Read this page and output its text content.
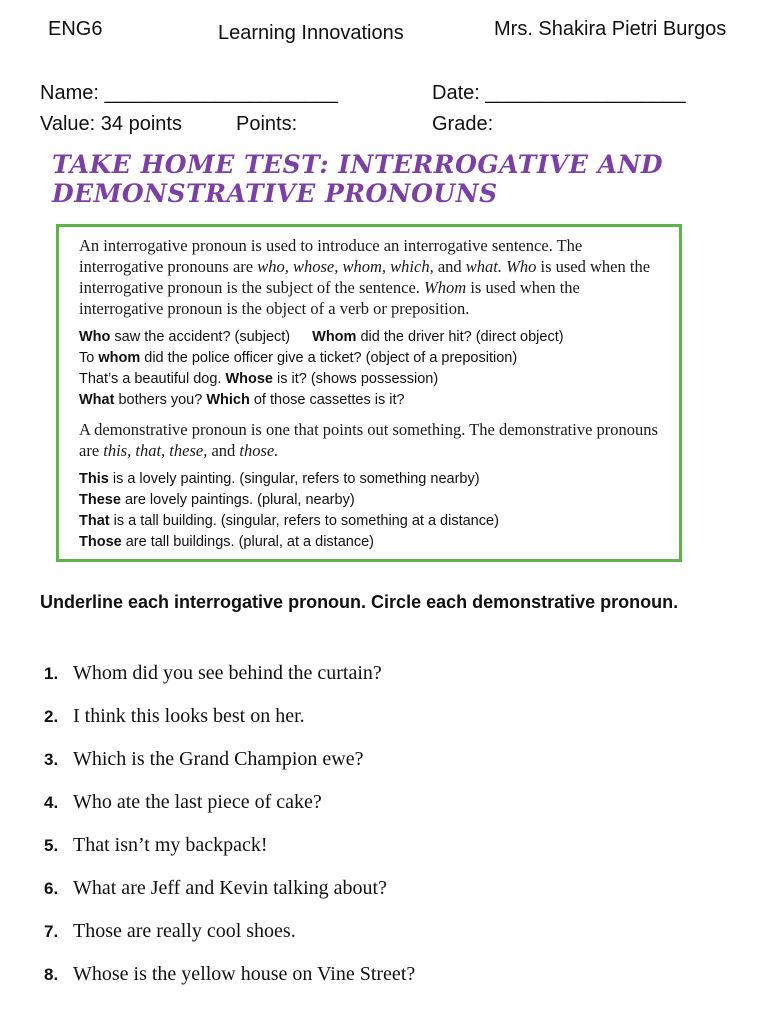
ENG6	Learning Innovations	Mrs. Shakira Pietri Burgos
Name: _____________________	Date: __________________
Value: 34 points	Points:	Grade:
TAKE HOME TEST: INTERROGATIVE AND
DEMONSTRATIVE PRONOUNS
An interrogative pronoun is used to introduce an interrogative sentence. The interrogative pronouns are who, whose, whom, which, and what. Who is used when the interrogative pronoun is the subject of the sentence. Whom is used when the interrogative pronoun is the object of a verb or preposition.
Who saw the accident? (subject) Whom did the driver hit? (direct object)
To whom did the police officer give a ticket? (object of a preposition)
That’s a beautiful dog. Whose is it? (shows possession)
What bothers you? Which of those cassettes is it?
A demonstrative pronoun is one that points out something. The demonstrative pronouns are this, that, these, and those.
This is a lovely painting. (singular, refers to something nearby)
These are lovely paintings. (plural, nearby)
That is a tall building. (singular, refers to something at a distance)
Those are tall buildings. (plural, at a distance)
Underline each interrogative pronoun. Circle each demonstrative pronoun.
1. Whom did you see behind the curtain?
2. I think this looks best on her.
3. Which is the Grand Champion ewe?
4. Who ate the last piece of cake?
5. That isn’t my backpack!
6. What are Jeff and Kevin talking about?
7. Those are really cool shoes.
8. Whose is the yellow house on Vine Street?
